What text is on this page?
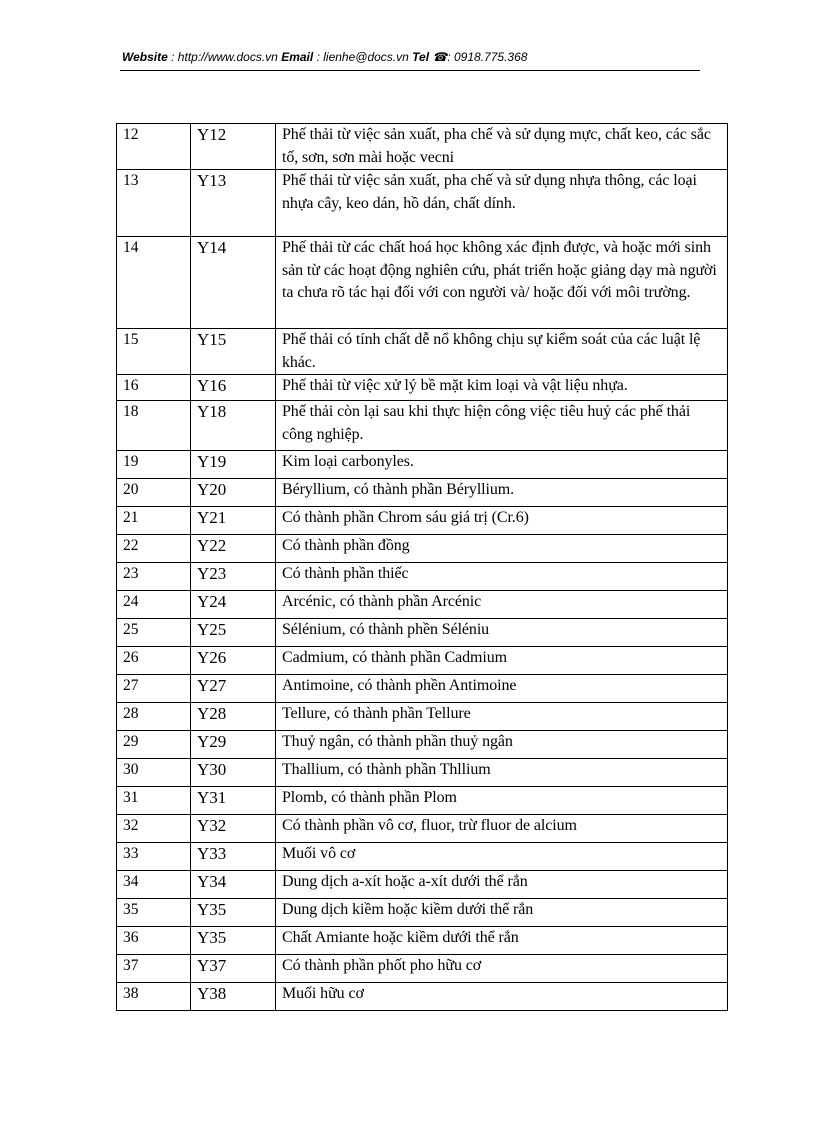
Website : http://www.docs.vn Email : lienhe@docs.vn Tel ☎: 0918.775.368
12	Y12	Phế thải từ việc sản xuất, pha chế và sử dụng mực, chất keo, các sắc tố, sơn, sơn mài hoặc vecni
13	Y13	Phế thải từ việc sản xuất, pha chế và sử dụng nhựa thông, các loại nhựa cây, keo dán, hồ dán, chất dính.
14	Y14	Phế thải từ các chất hoá học không xác định được, và hoặc mới sinh sản từ các hoạt động nghiên cứu, phát triển hoặc giảng dạy mà người ta chưa rõ tác hại đối với con người và/ hoặc đối với môi trường.
15	Y15	Phế thải có tính chất dễ nổ không chịu sự kiểm soát của các luật lệ khác.
16	Y16	Phế thải từ việc xử lý bề mặt kim loại và vật liệu nhựa.
18	Y18	Phế thải còn lại sau khi thực hiện công việc tiêu huỷ các phế thải công nghiệp.
19	Y19	Kim loại carbonyles.
20	Y20	Béryllium, có thành phần Béryllium.
21	Y21	Có thành phần Chrom sáu giá trị (Cr.6)
22	Y22	Có thành phần đồng
23	Y23	Có thành phần thiếc
24	Y24	Arcénic, có thành phần Arcénic
25	Y25	Sélénium, có thành phền Séléniu
26	Y26	Cadmium, có thành phần Cadmium
27	Y27	Antimoine, có thành phền Antimoine
28	Y28	Tellure, có thành phần Tellure
29	Y29	Thuỷ ngân, có thành phần thuỷ ngân
30	Y30	Thallium, có thành phần Thllium
31	Y31	Plomb, có thành phần Plom
32	Y32	Có thành phần vô cơ, fluor, trừ fluor de alcium
33	Y33	Muối vô cơ
34	Y34	Dung dịch a-xít hoặc a-xít dưới thể rắn
35	Y35	Dung dịch kiềm hoặc kiềm dưới thể rắn
36	Y35	Chất Amiante hoặc kiềm dưới thể rắn
37	Y37	Có thành phần phốt pho hữu cơ
38	Y38	Muối hữu cơ
